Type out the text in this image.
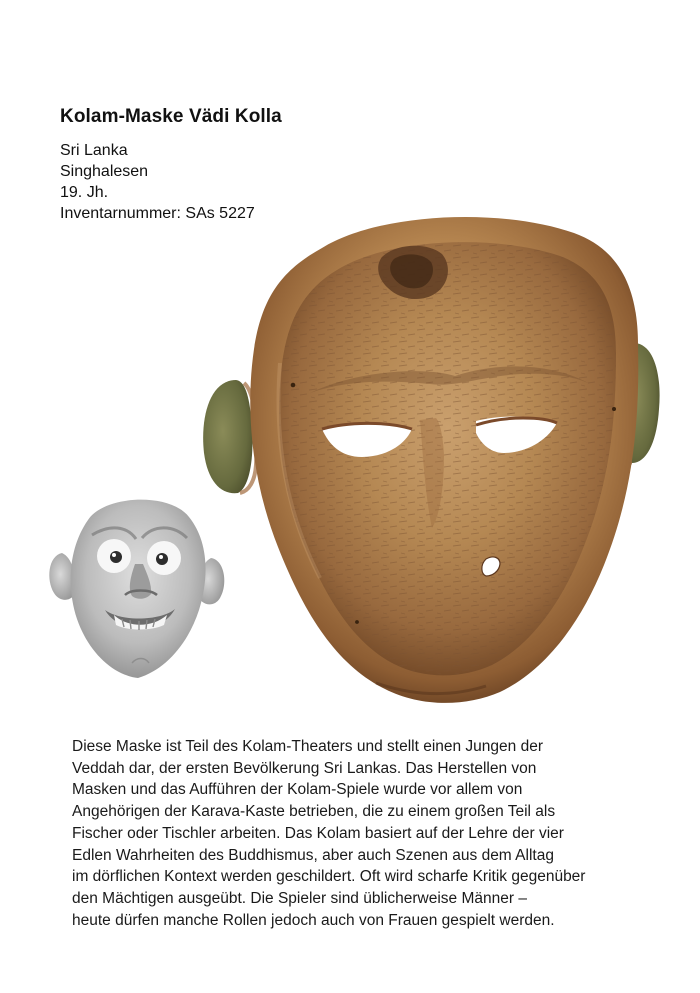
Kolam-Maske Vädi Kolla
Sri Lanka
Singhalesen
19. Jh.
Inventarnummer : SAs 5227
Diese Maske ist Teil des Kolam-Theaters und stellt einen Jungen der
Veddah dar, der ersten Bevölkerung Sri Lankas. Das Herstellen von
Masken und das Aufführen der Kolam-Spiele wurde vor allem von
Angehörigen der Karava-Kaste betrieben, die zu einem großen Teil als
Fischer oder Tischler arbeiten. Das Kolam basiert auf der Lehre der vier
Edlen Wahrheiten des Buddhismus, aber auch Szenen aus dem Alltag
im dörflichen Kontext werden geschildert. Oft wird scharfe Kritik gegenüber
den Mächtigen ausgeübt. Die Spieler sind üblicherweise Männer –
heute dürfen manche Rollen jedoch auch von Frauen gespielt werden.
